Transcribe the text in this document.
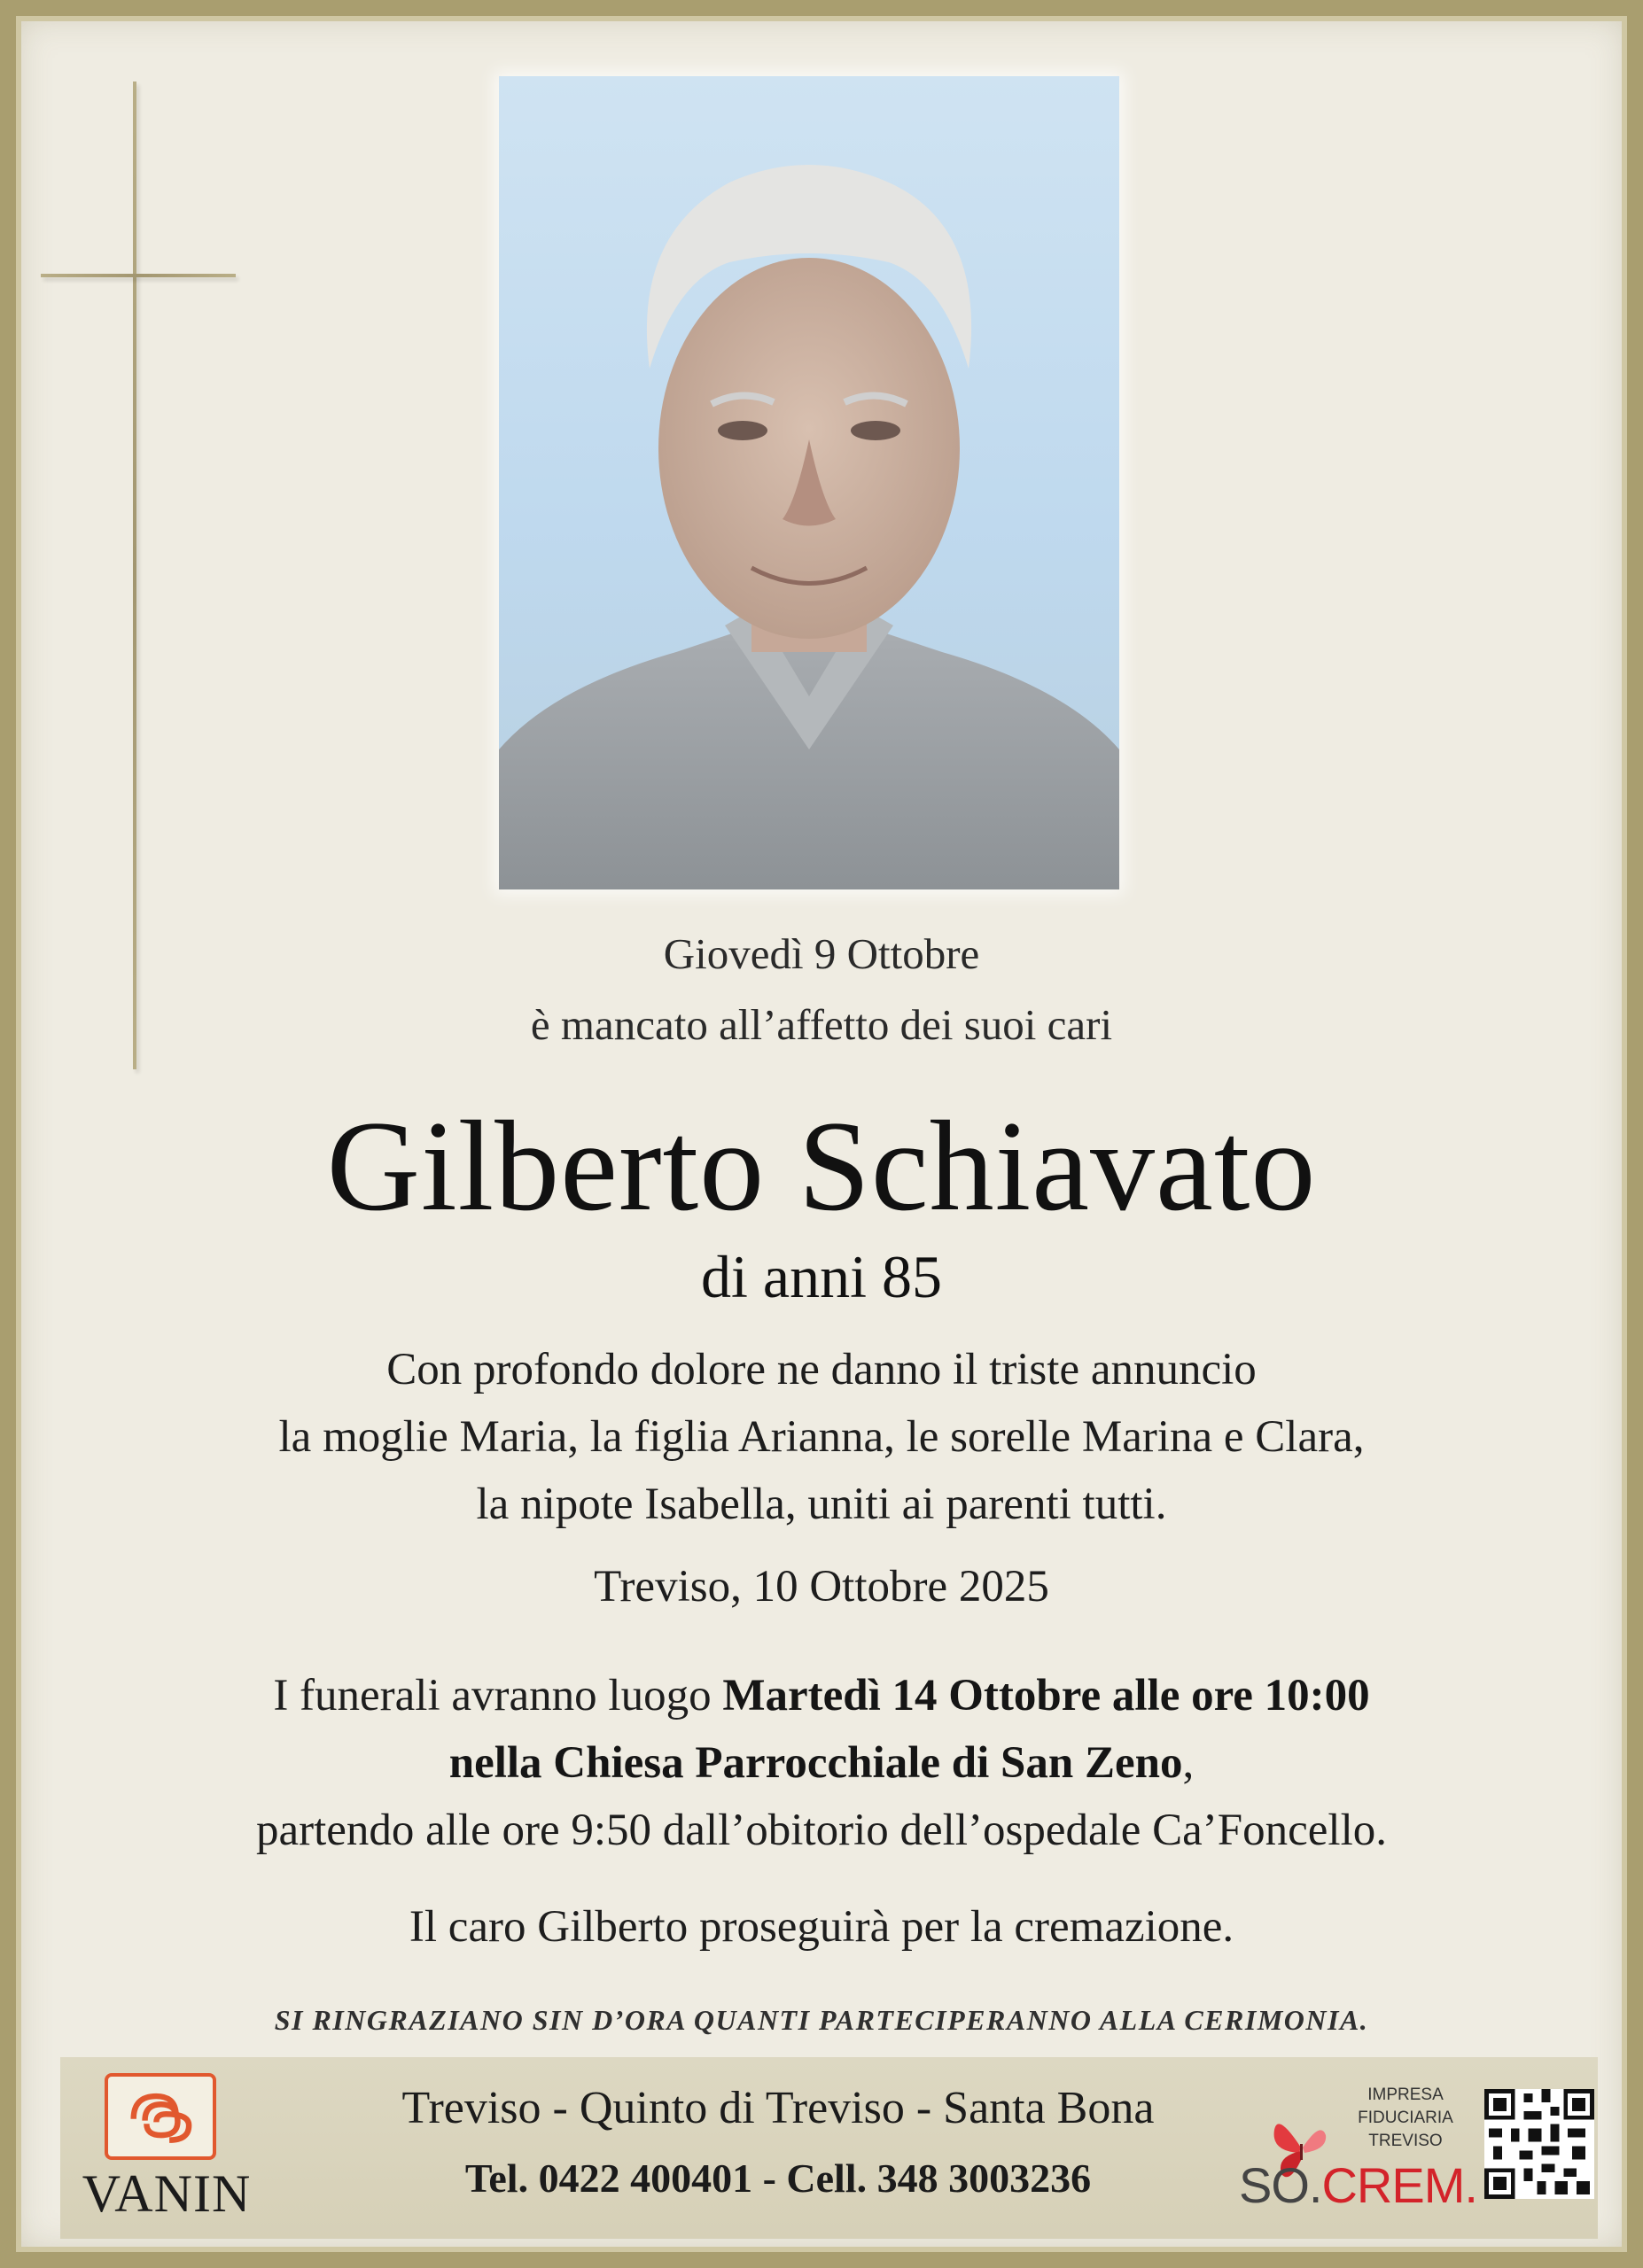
Giovedì 9 Ottobre
è mancato all’affetto dei suoi cari
Gilberto Schiavato
di anni 85
Con profondo dolore ne danno il triste annuncio
la moglie Maria, la figlia Arianna, le sorelle Marina e Clara,
la nipote Isabella, uniti ai parenti tutti.
Treviso, 10 Ottobre 2025
I funerali avranno luogo Martedì 14 Ottobre alle ore 10:00
nella Chiesa Parrocchiale di San Zeno,
partendo alle ore 9:50 dall’obitorio dell’ospedale Ca’Foncello.
Il caro Gilberto proseguirà per la cremazione.
SI RINGRAZIANO SIN D’ORA QUANTI PARTECIPERANNO ALLA CERIMONIA.
VANIN
Treviso - Quinto di Treviso - Santa Bona
Tel. 0422 400401 - Cell. 348 3003236
IMPRESA
FIDUCIARIA
TREVISO
SO.CREM.
